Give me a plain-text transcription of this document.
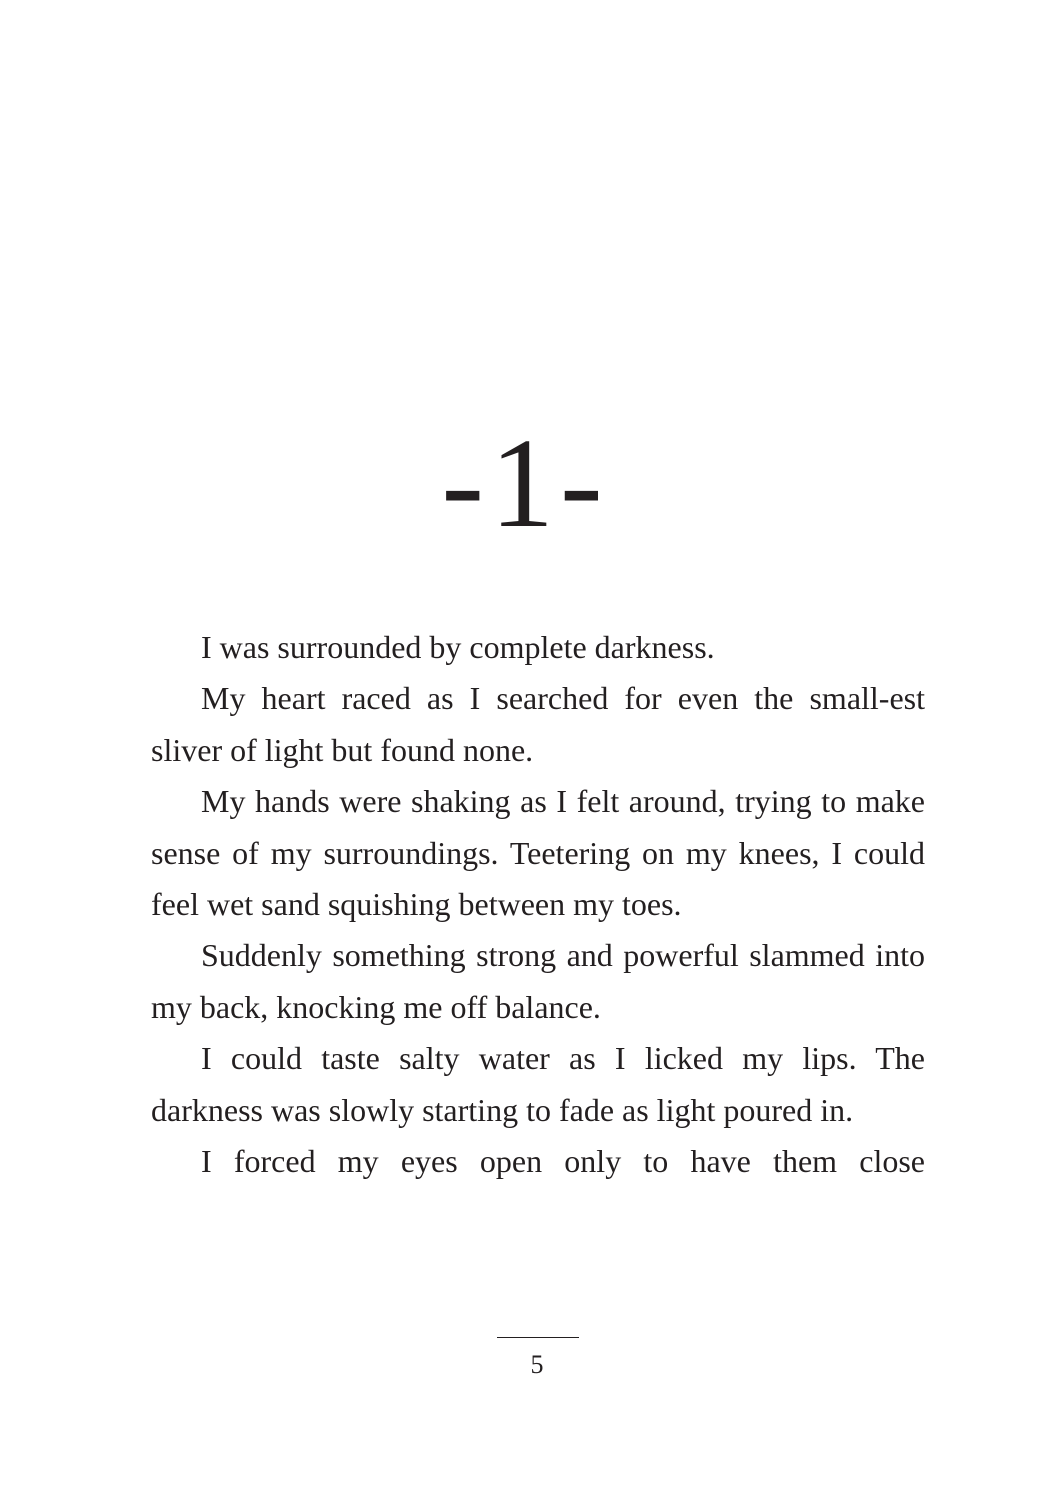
-1-

I was surrounded by complete darkness.

My heart raced as I searched for even the small-est sliver of light but found none.

My hands were shaking as I felt around, trying to make sense of my surroundings. Teetering on my knees, I could feel wet sand squishing between my toes.

Suddenly something strong and powerful slammed into my back, knocking me off balance.

I could taste salty water as I licked my lips. The darkness was slowly starting to fade as light poured in.

I forced my eyes open only to have them close

5
